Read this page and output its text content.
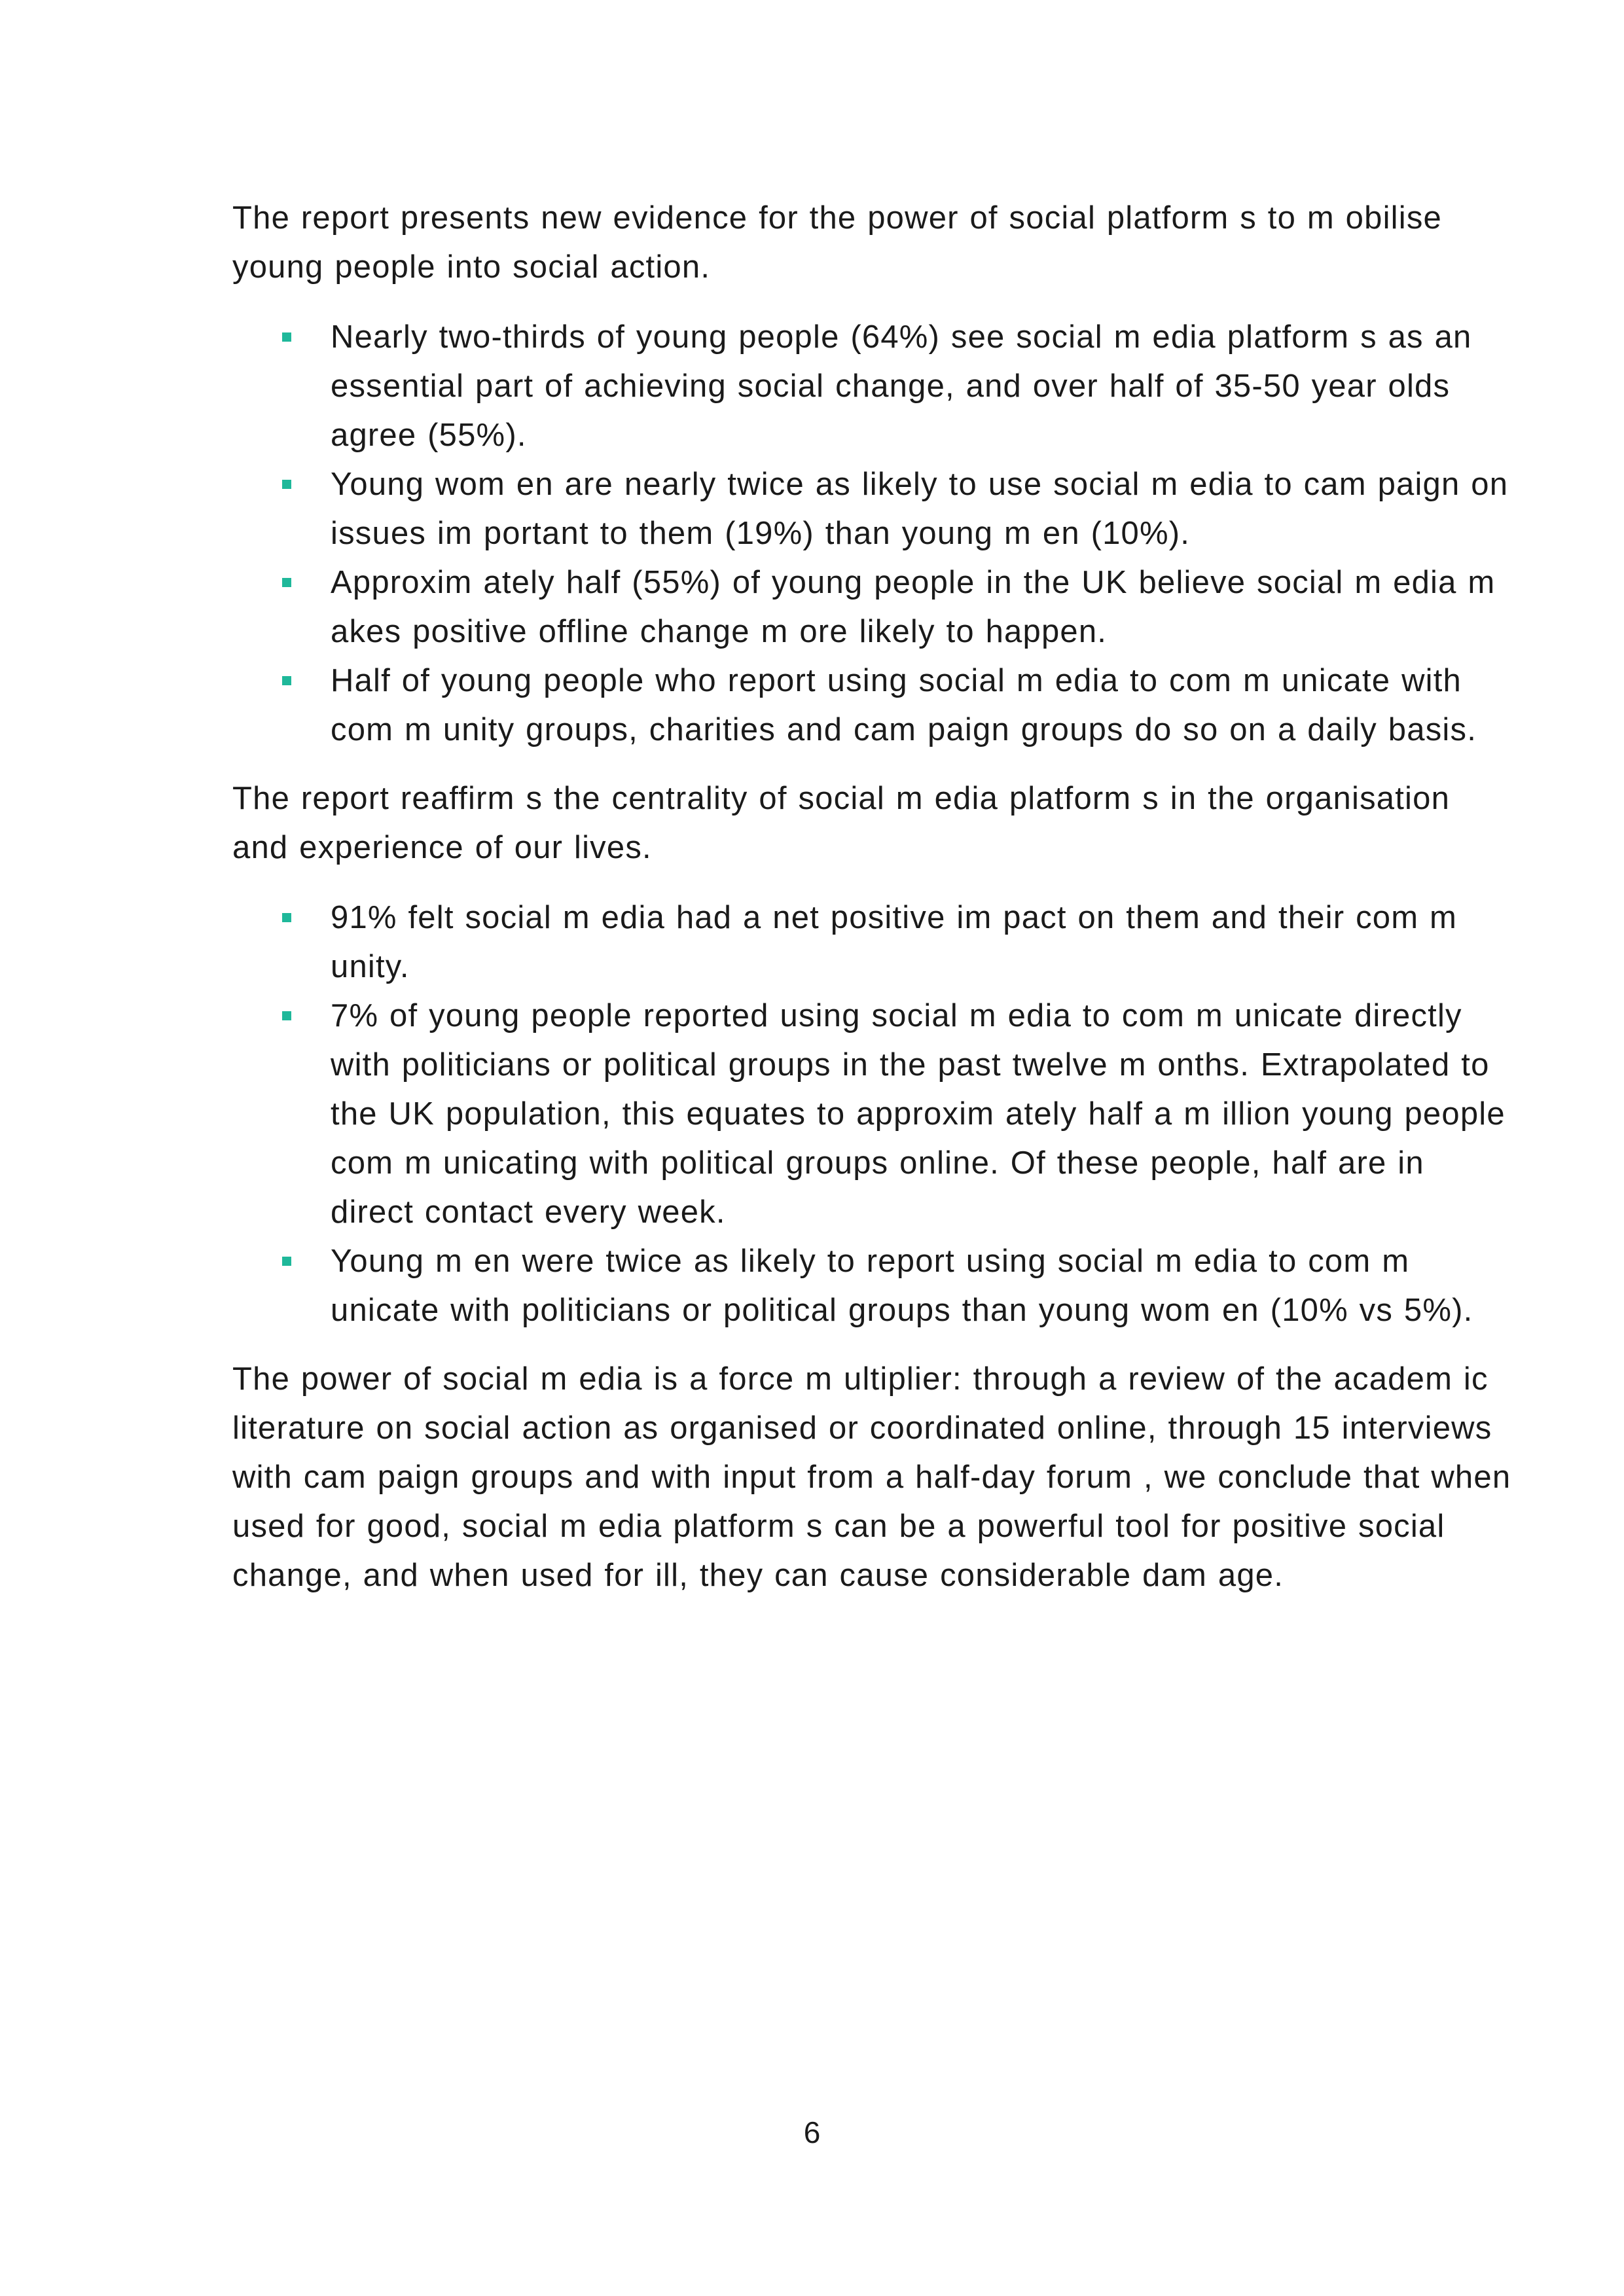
The report presents new evidence for the power of social platform s to m obilise young people into social action.

Nearly two-thirds of young people (64%) see social m edia platform s as an essential part of achieving social change, and over half of 35-50 year olds agree (55%).
Young wom en are nearly twice as likely to use social m edia to cam paign on issues im portant to them (19%) than young m en (10%).
Approxim ately half (55%) of young people in the UK believe social m edia m akes positive offline change m ore likely to happen.
Half of young people who report using social m edia to com m unicate with com m unity groups, charities and cam paign groups do so on a daily basis.

The report reaffirm s the centrality of social m edia platform s in the organisation and experience of our lives.

91% felt social m edia had a net positive im pact on them and their com m unity.
7% of young people reported using social m edia to com m unicate directly with politicians or political groups in the past twelve m onths. Extrapolated to the UK population, this equates to approxim ately half a m illion young people com m unicating with political groups online. Of these people, half are in direct contact every week.
Young m en were twice as likely to report using social m edia to com m unicate with politicians or political groups than young wom en (10% vs 5%).

The power of social m edia is a force m ultiplier: through a review of the academ ic literature on social action as organised or coordinated online, through 15 interviews with cam paign groups and with input from a half-day forum , we conclude that when used for good, social m edia platform s can be a powerful tool for positive social change, and when used for ill, they can cause considerable dam age.

6
